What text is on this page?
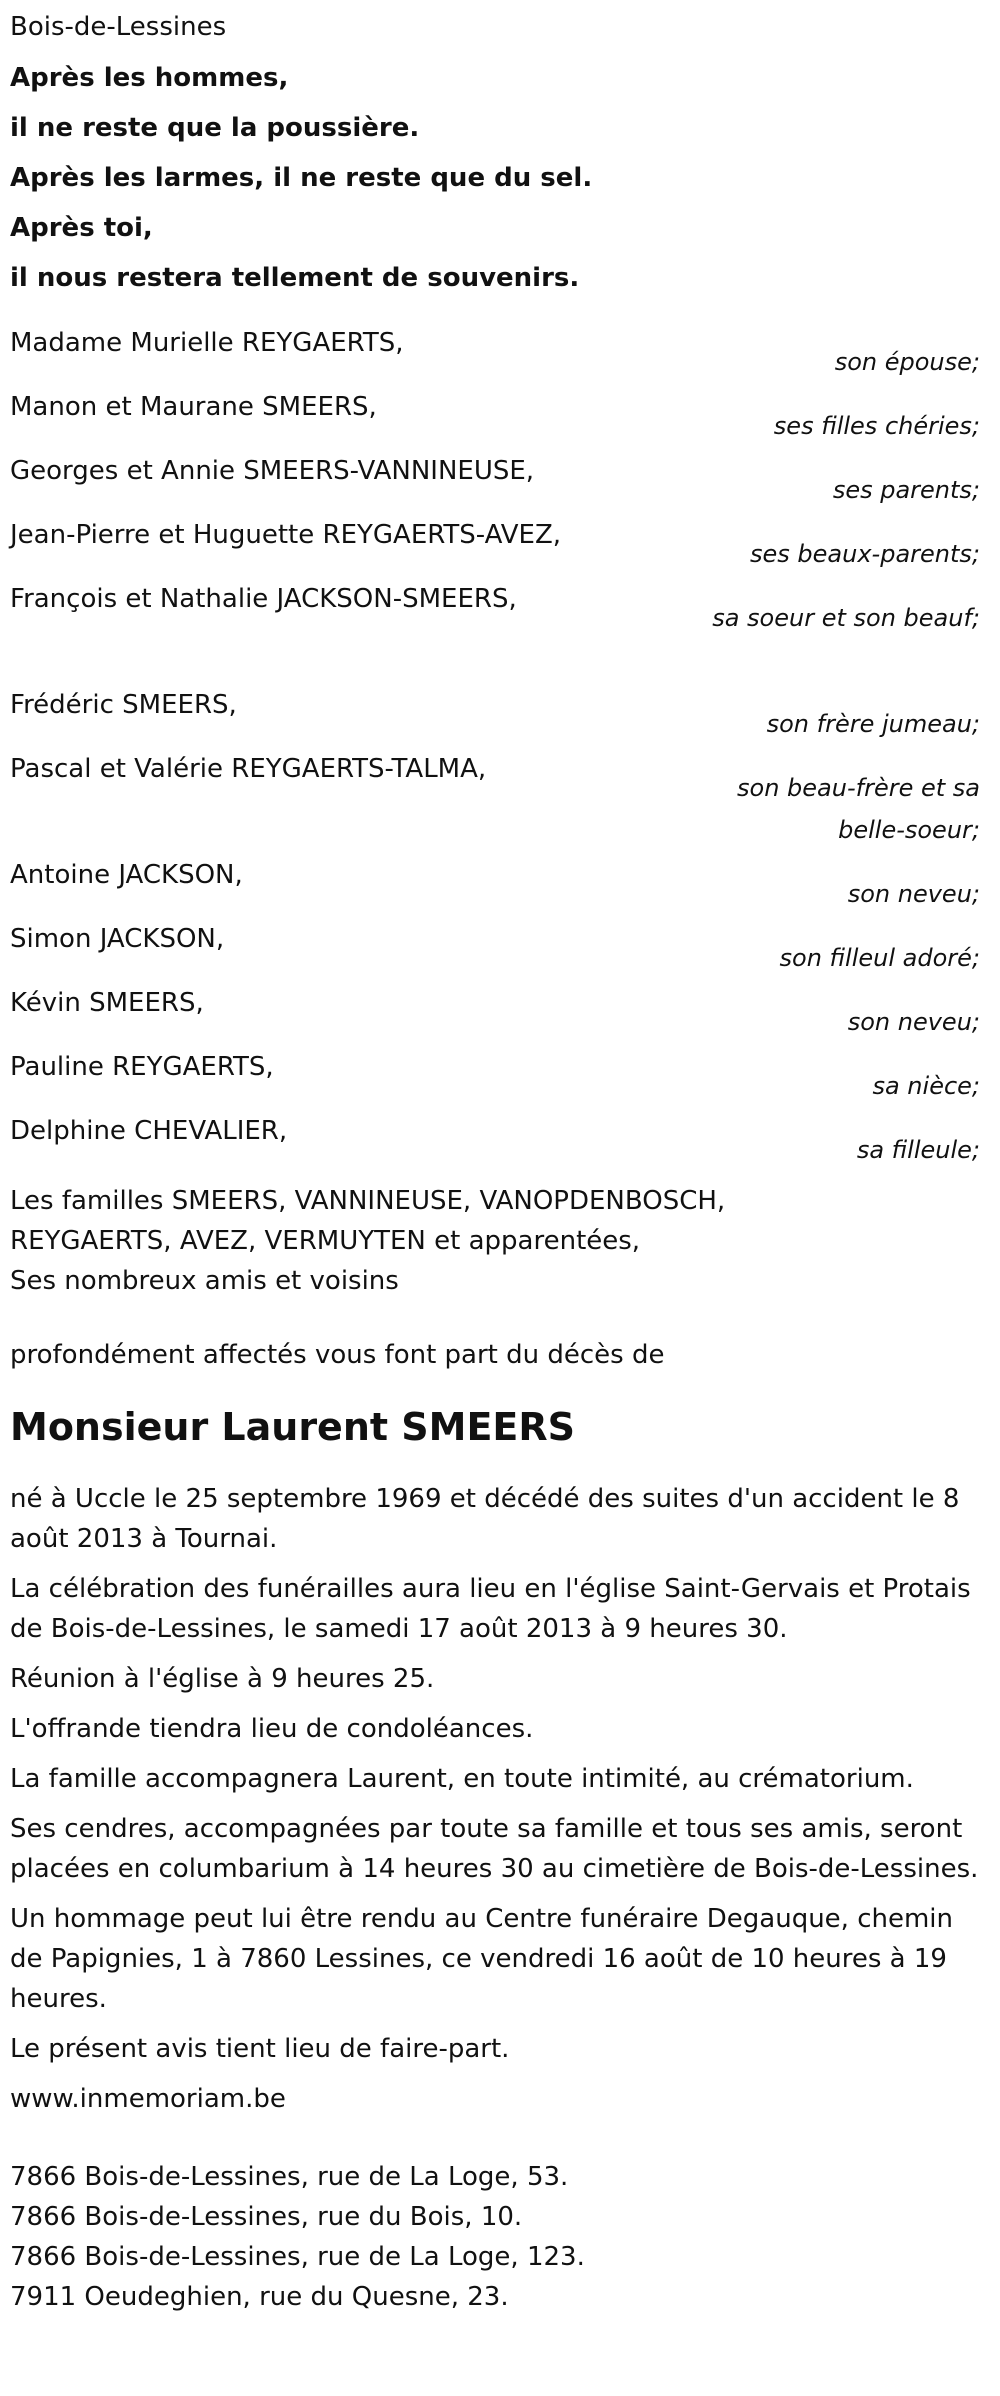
Bois-de-Lessines
Après les hommes,
il ne reste que la poussière.
Après les larmes, il ne reste que du sel.
Après toi,
il nous restera tellement de souvenirs.
Madame Murielle REYGAERTS,
son épouse;
Manon et Maurane SMEERS,
ses filles chéries;
Georges et Annie SMEERS-VANNINEUSE,
ses parents;
Jean-Pierre et Huguette REYGAERTS-AVEZ,
ses beaux-parents;
François et Nathalie JACKSON-SMEERS,
sa soeur et son beauf;
Frédéric SMEERS,
son frère jumeau;
Pascal et Valérie REYGAERTS-TALMA,
son beau-frère et sa belle-soeur;
Antoine JACKSON,
son neveu;
Simon JACKSON,
son filleul adoré;
Kévin SMEERS,
son neveu;
Pauline REYGAERTS,
sa nièce;
Delphine CHEVALIER,
sa filleule;
Les familles SMEERS, VANNINEUSE, VANOPDENBOSCH,
REYGAERTS, AVEZ, VERMUYTEN et apparentées,
Ses nombreux amis et voisins
profondément affectés vous font part du décès de
Monsieur Laurent SMEERS

né à Uccle le 25 septembre 1969 et décédé des suites d'un accident le 8 août 2013 à Tournai.

La célébration des funérailles aura lieu en l'église Saint-Gervais et Protais de Bois-de-Lessines, le samedi 17 août 2013 à 9 heures 30.

Réunion à l'église à 9 heures 25.

L'offrande tiendra lieu de condoléances.

La famille accompagnera Laurent, en toute intimité, au crématorium.

Ses cendres, accompagnées par toute sa famille et tous ses amis, seront placées en columbarium à 14 heures 30 au cimetière de Bois-de-Lessines.

Un hommage peut lui être rendu au Centre funéraire Degauque, chemin de Papignies, 1 à 7860 Lessines, ce vendredi 16 août de 10 heures à 19 heures.

Le présent avis tient lieu de faire-part.

www.inmemoriam.be

7866 Bois-de-Lessines, rue de La Loge, 53.
7866 Bois-de-Lessines, rue du Bois, 10.
7866 Bois-de-Lessines, rue de La Loge, 123.
7911 Oeudeghien, rue du Quesne, 23.
